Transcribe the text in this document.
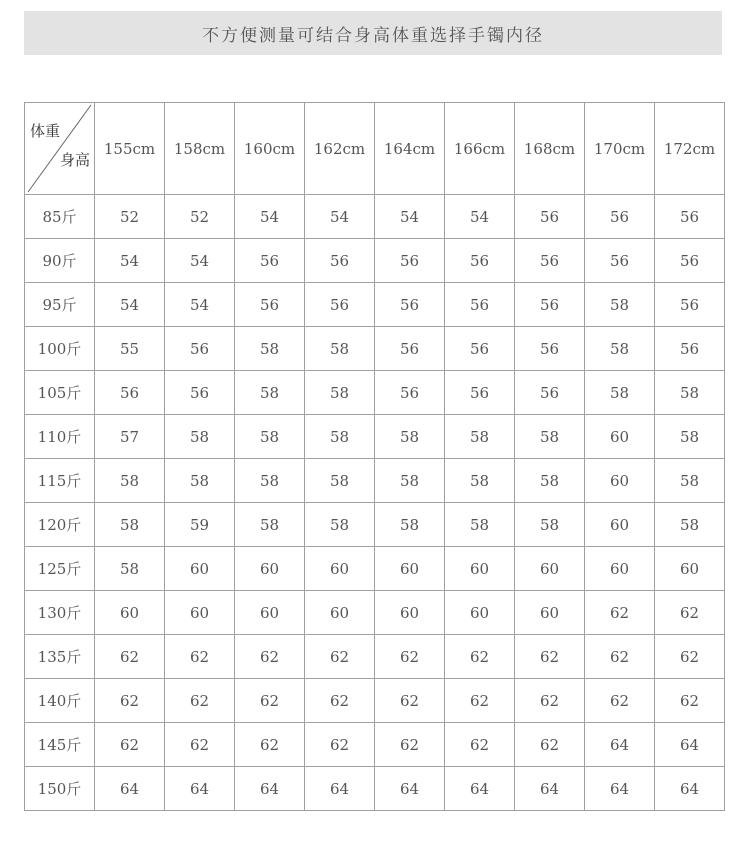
不方便测量可结合身高体重选择手镯内径
体重
身高	155cm	158cm	160cm	162cm	164cm	166cm	168cm	170cm	172cm
85斤	52	52	54	54	54	54	56	56	56
90斤	54	54	56	56	56	56	56	56	56
95斤	54	54	56	56	56	56	56	58	56
100斤	55	56	58	58	56	56	56	58	56
105斤	56	56	58	58	56	56	56	58	58
110斤	57	58	58	58	58	58	58	60	58
115斤	58	58	58	58	58	58	58	60	58
120斤	58	59	58	58	58	58	58	60	58
125斤	58	60	60	60	60	60	60	60	60
130斤	60	60	60	60	60	60	60	62	62
135斤	62	62	62	62	62	62	62	62	62
140斤	62	62	62	62	62	62	62	62	62
145斤	62	62	62	62	62	62	62	64	64
150斤	64	64	64	64	64	64	64	64	64
